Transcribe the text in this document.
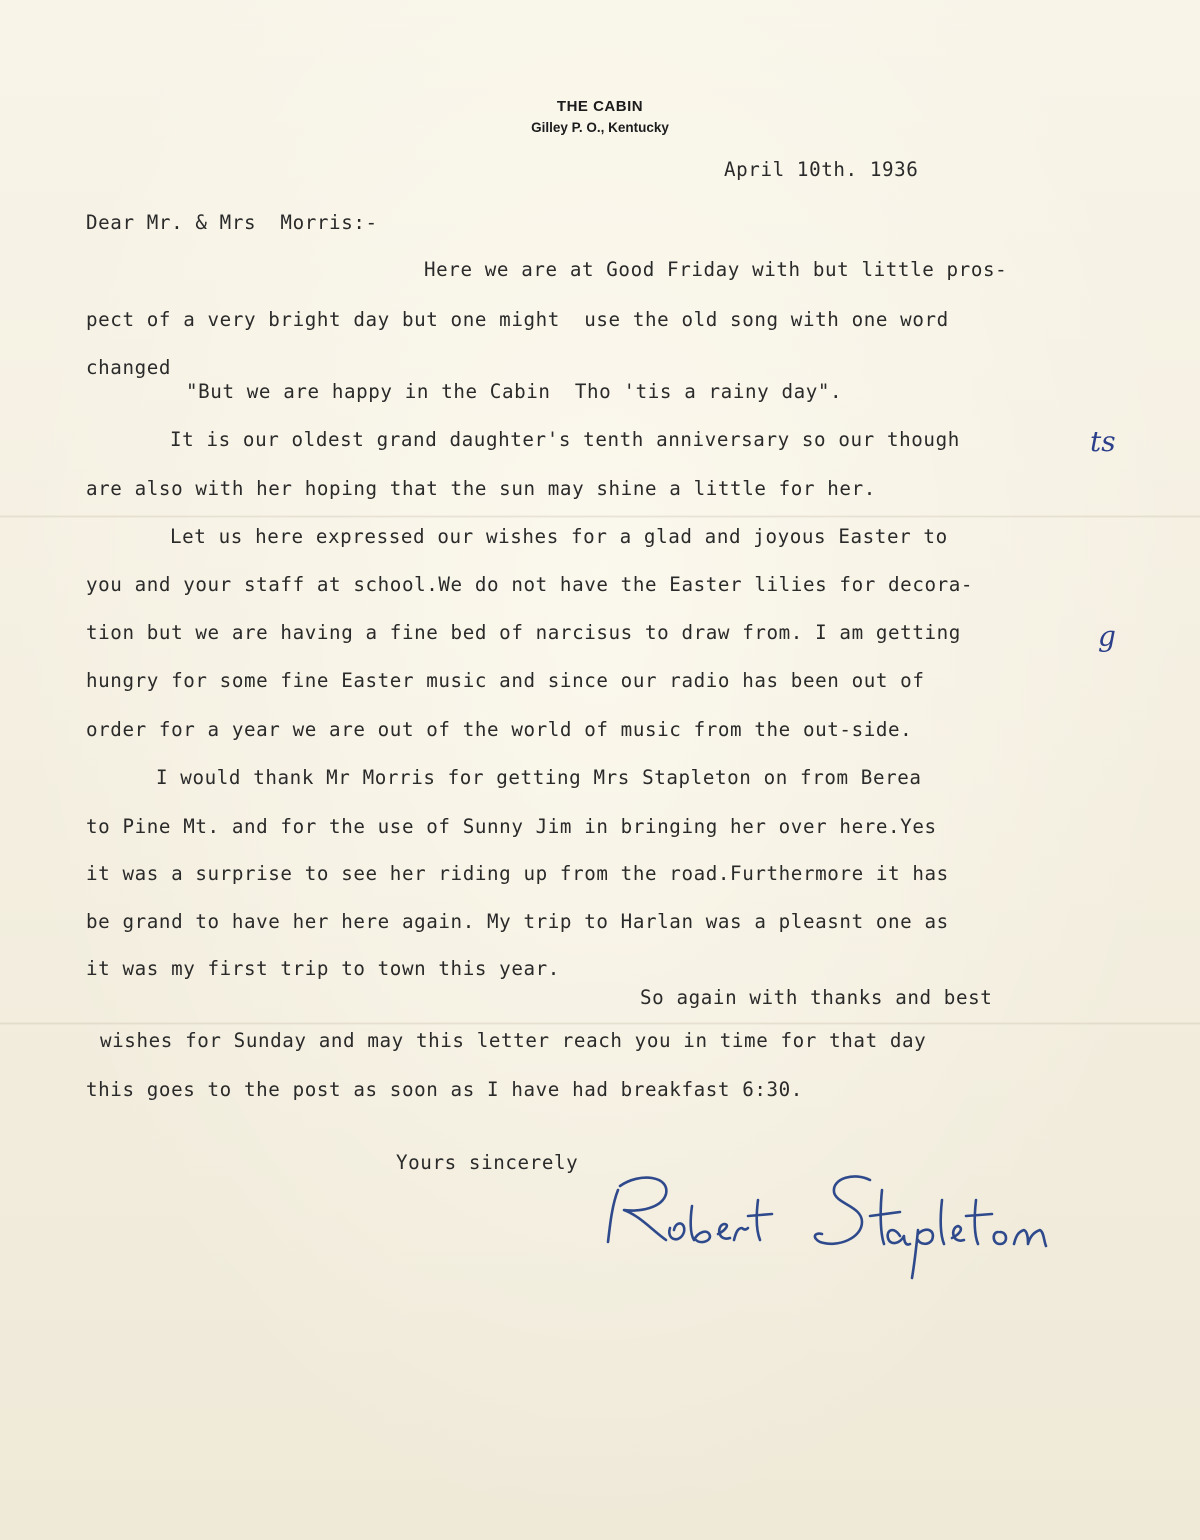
THE CABIN
Gilley P. O., Kentucky
April 10th. 1936
Dear Mr. & Mrs  Morris:-
Here we are at Good Friday with but little pros-
pect of a very bright day but one might  use the old song with one word
changed
"But we are happy in the Cabin  Tho 'tis a rainy day".
It is our oldest grand daughter's tenth anniversary so our though	ts
are also with her hoping that the sun may shine a little for her.
Let us here expressed our wishes for a glad and joyous Easter to
you and your staff at school.We do not have the Easter lilies for decora-
tion but we are having a fine bed of narcisus to draw from. I am getting	g
hungry for some fine Easter music and since our radio has been out of
order for a year we are out of the world of music from the out-side.
I would thank Mr Morris for getting Mrs Stapleton on from Berea
to Pine Mt. and for the use of Sunny Jim in bringing her over here.Yes
it was a surprise to see her riding up from the road.Furthermore it has
be grand to have her here again. My trip to Harlan was a pleasnt one as
it was my first trip to town this year.
So again with thanks and best
wishes for Sunday and may this letter reach you in time for that day
this goes to the post as soon as I have had breakfast 6:30.
Yours sincerely
